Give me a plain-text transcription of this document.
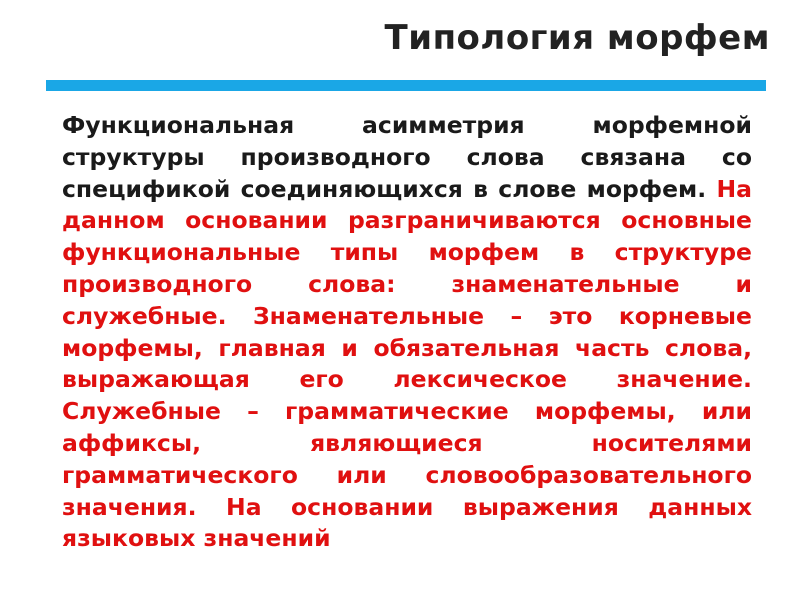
Типология морфем

Функциональная асимметрия морфемной структуры производного слова связана со спецификой соединяющихся в слове морфем. На данном основании разграничиваются основные функциональные типы морфем в структуре производного слова: знаменательные и служебные. Знаменательные – это корневые морфемы, главная и обязательная часть слова, выражающая его лексическое значение. Служебные – грамматические морфемы, или аффиксы, являющиеся носителями грамматического или словообразовательного значения. На основании выражения данных языковых значений
